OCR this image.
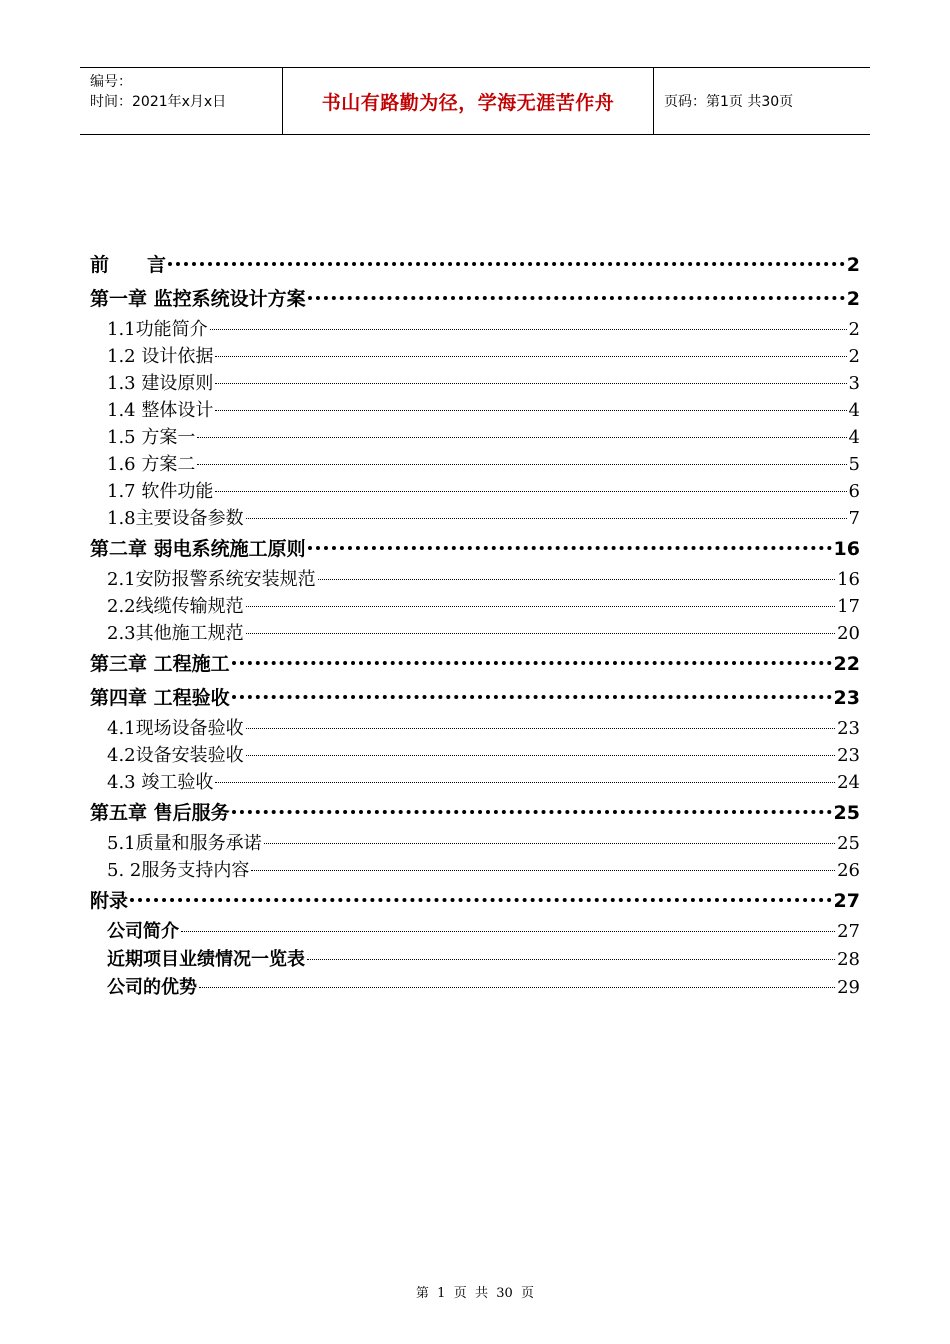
编号：
时间：2021年x月x日	书山有路勤为径，学海无涯苦作舟	页码：第1页 共30页
前　　言	2
第一章 监控系统设计方案	2
1.1功能简介	2
1.2 设计依据	2
1.3 建设原则	3
1.4 整体设计	4
1.5 方案一	4
1.6 方案二	5
1.7 软件功能	6
1.8主要设备参数	7
第二章 弱电系统施工原则	16
2.1安防报警系统安装规范	16
2.2线缆传输规范	17
2.3其他施工规范	20
第三章 工程施工	22
第四章 工程验收	23
4.1现场设备验收	23
4.2设备安装验收	23
4.3 竣工验收	24
第五章 售后服务	25
5.1质量和服务承诺	25
5. 2服务支持内容	26
附录	27
公司简介	27
近期项目业绩情况一览表	28
公司的优势	29
第  1  页  共  30  页
